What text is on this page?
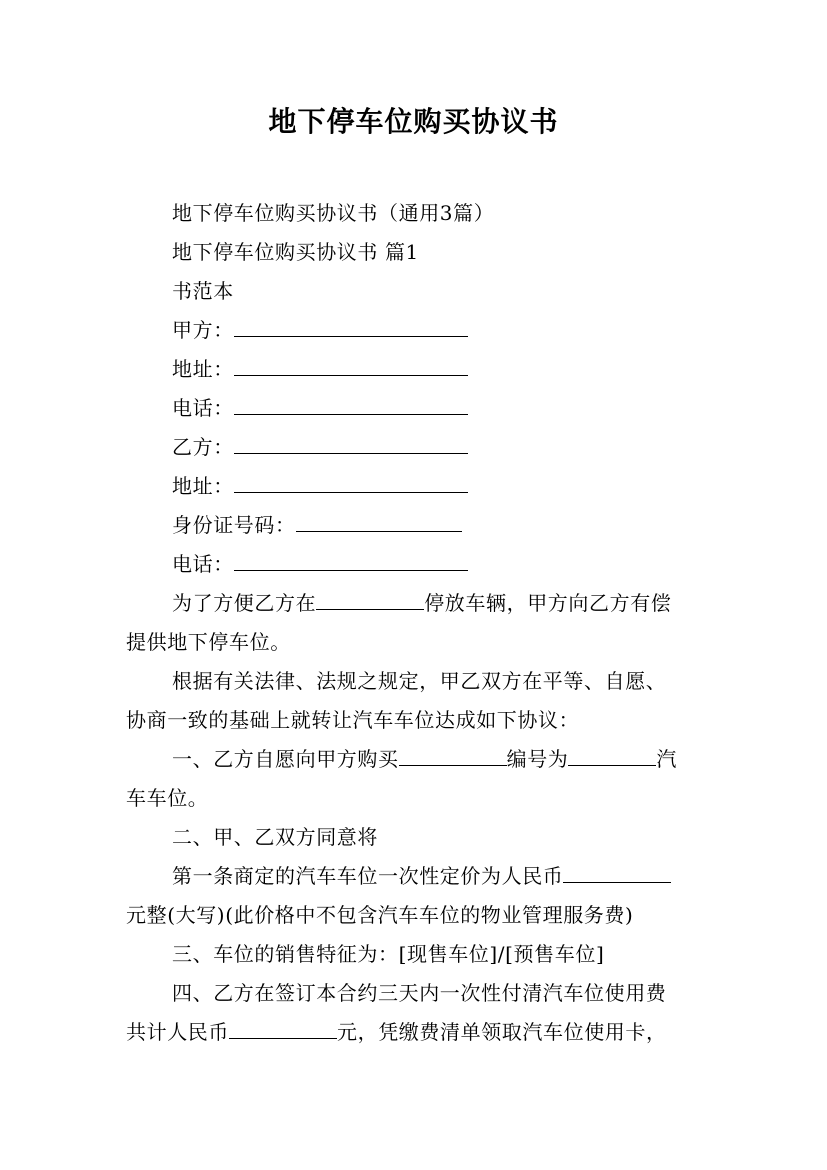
地下停车位购买协议书
地下停车位购买协议书（通用3篇）
地下停车位购买协议书 篇1
书范本
甲方：
地址：
电话：
乙方：
地址：
身份证号码：
电话：
为了方便乙方在	停放车辆，甲方向乙方有偿
提供地下停车位。
根据有关法律、法规之规定，甲乙双方在平等、自愿、
协商一致的基础上就转让汽车车位达成如下协议：
一、乙方自愿向甲方购买	编号为	汽
车车位。
二、甲、乙双方同意将
第一条商定的汽车车位一次性定价为人民币
元整(大写)(此价格中不包含汽车车位的物业管理服务费)
三、车位的销售特征为：[现售车位]/[预售车位]
四、乙方在签订本合约三天内一次性付清汽车位使用费
共计人民币	元，凭缴费清单领取汽车位使用卡，
